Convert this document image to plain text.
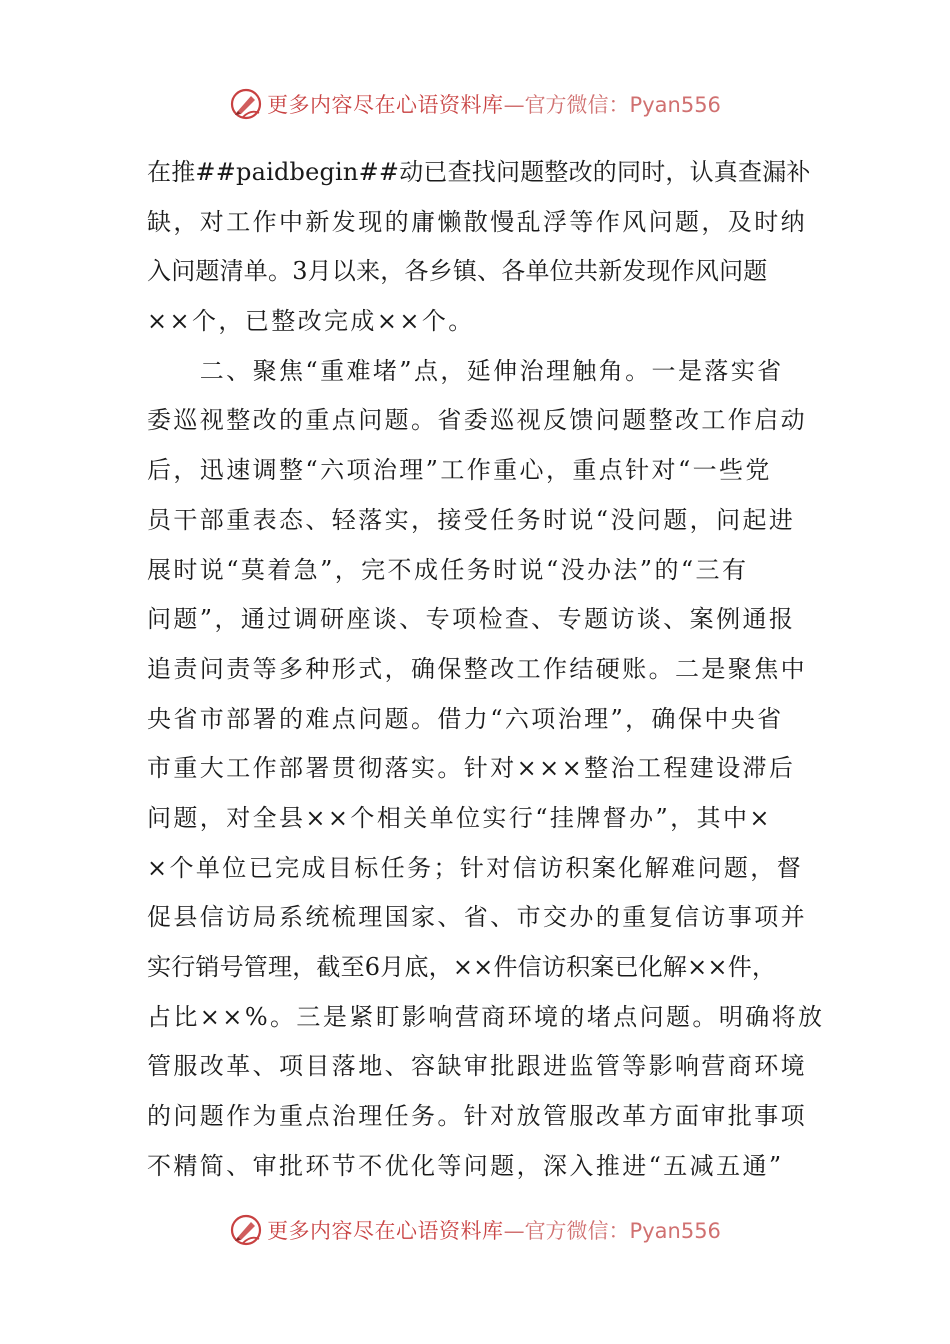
更多内容尽在心语资料库 —官方微信：Pyan556
在推##paidbegin##动已查找问题整改的同时，认真查漏补
缺，对工作中新发现的庸懒散慢乱浮等作风问题，及时纳
入问题清单。3月以来，各乡镇、各单位共新发现作风问题
××个，已整改完成××个。
　　二、聚焦“重难堵”点，延伸治理触角。一是落实省
委巡视整改的重点问题。省委巡视反馈问题整改工作启动
后，迅速调整“六项治理”工作重心，重点针对“一些党
员干部重表态、轻落实，接受任务时说“没问题，问起进
展时说“莫着急”，完不成任务时说“没办法”的“三有
问题”，通过调研座谈、专项检查、专题访谈、案例通报
追责问责等多种形式，确保整改工作结硬账。二是聚焦中
央省市部署的难点问题。借力“六项治理”，确保中央省
市重大工作部署贯彻落实。针对×××整治工程建设滞后
问题，对全县××个相关单位实行“挂牌督办”，其中×
×个单位已完成目标任务；针对信访积案化解难问题，督
促县信访局系统梳理国家、省、市交办的重复信访事项并
实行销号管理，截至6月底，××件信访积案已化解××件，
占比××%。三是紧盯影响营商环境的堵点问题。明确将放
管服改革、项目落地、容缺审批跟进监管等影响营商环境
的问题作为重点治理任务。针对放管服改革方面审批事项
不精简、审批环节不优化等问题，深入推进“五减五通”
更多内容尽在心语资料库 —官方微信：Pyan556
